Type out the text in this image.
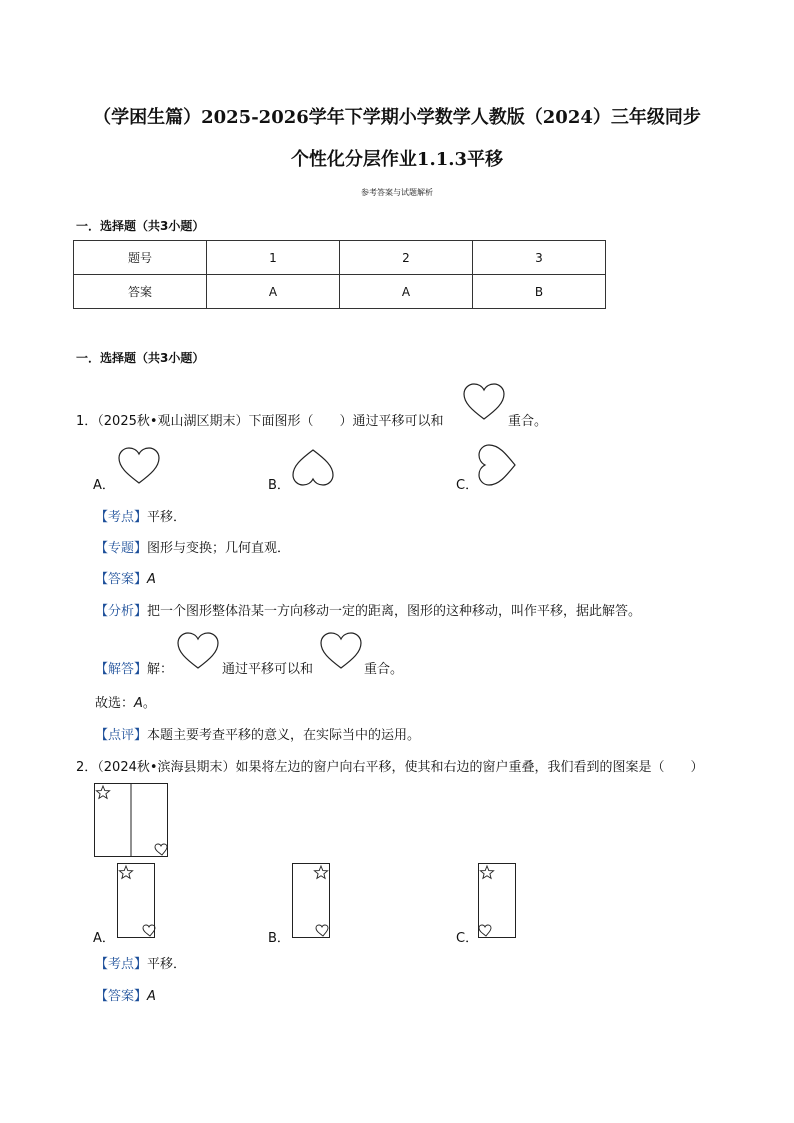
（学困生篇）2025-2026学年下学期小学数学人教版（2024）三年级同步
个性化分层作业1.1.3平移
参考答案与试题解析
一．选择题（共3小题）
题号	1	2	3
答案	A	A	B
一．选择题（共3小题）
1．（2025秋•观山湖区期末）下面图形（　　）通过平移可以和	重合。
A．	B．	C．
【考点】平移．
【专题】图形与变换；几何直观．
【答案】A
【分析】把一个图形整体沿某一方向移动一定的距离，图形的这种移动，叫作平移，据此解答。
【解答】解：	通过平移可以和	重合。
故选：A。
【点评】本题主要考查平移的意义，在实际当中的运用。
2．（2024秋•滨海县期末）如果将左边的窗户向右平移，使其和右边的窗户重叠，我们看到的图案是（　　）
A．	B．	C．
【考点】平移．
【答案】A
